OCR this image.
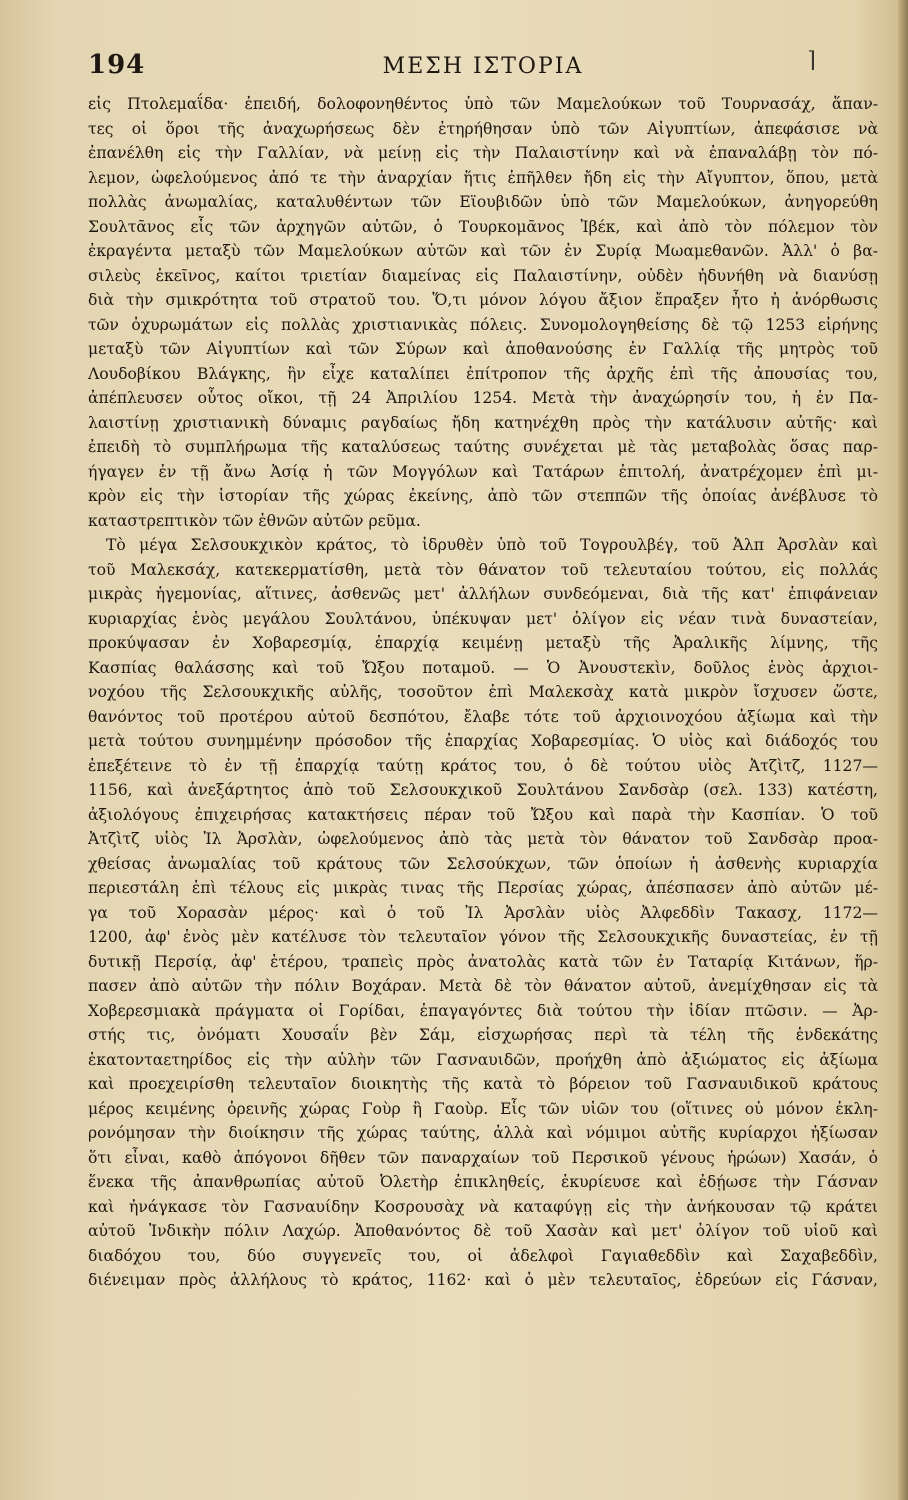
194	ΜΕΣΗ ΙΣΤΟΡΙΑ	⌉
εἰς Πτολεμαΐδα· ἐπειδή, δολοφονηθέντος ὑπὸ τῶν Μαμελούκων τοῦ Τουρνασάχ, ἅπαν-
τες οἱ ὅροι τῆς ἀναχωρήσεως δὲν ἐτηρήθησαν ὑπὸ τῶν Αἰγυπτίων, ἀπεφάσισε νὰ
ἐπανέλθη εἰς τὴν Γαλλίαν, νὰ μείνῃ εἰς τὴν Παλαιστίνην καὶ νὰ ἐπαναλάβῃ τὸν πό-
λεμον, ὠφελούμενος ἀπό τε τὴν ἀναρχίαν ἥτις ἐπῆλθεν ἤδη εἰς τὴν Αἴγυπτον, ὅπου, μετὰ
πολλὰς ἀνωμαλίας, καταλυθέντων τῶν Εϊουβιδῶν ὑπὸ τῶν Μαμελούκων, ἀνηγορεύθη
Σουλτᾶνος εἷς τῶν ἀρχηγῶν αὐτῶν, ὁ Τουρκομᾶνος Ἰβέκ, καὶ ἀπὸ τὸν πόλεμον τὸν
ἐκραγέντα μεταξὺ τῶν Μαμελούκων αὐτῶν καὶ τῶν ἐν Συρίᾳ Μωαμεθανῶν. Ἀλλ' ὁ βα-
σιλεὺς ἐκεῖνος, καίτοι τριετίαν διαμείνας εἰς Παλαιστίνην, οὐδὲν ἠδυνήθη νὰ διανύσῃ
διὰ τὴν σμικρότητα τοῦ στρατοῦ του. Ὅ,τι μόνον λόγου ἄξιον ἔπραξεν ἦτο ἡ ἀνόρθωσις
τῶν ὀχυρωμάτων εἰς πολλὰς χριστιανικὰς πόλεις. Συνομολογηθείσης δὲ τῷ 1253 εἰρήνης
μεταξὺ τῶν Αἰγυπτίων καὶ τῶν Σύρων καὶ ἀποθανούσης ἐν Γαλλίᾳ τῆς μητρὸς τοῦ
Λουδοβίκου Βλάγκης, ἣν εἶχε καταλίπει ἐπίτροπον τῆς ἀρχῆς ἐπὶ τῆς ἀπουσίας του,
ἀπέπλευσεν οὗτος οἴκοι, τῇ 24 Ἀπριλίου 1254. Μετὰ τὴν ἀναχώρησίν του, ἡ ἐν Πα-
λαιστίνῃ χριστιανικὴ δύναμις ραγδαίως ἤδη κατηνέχθη πρὸς τὴν κατάλυσιν αὐτῆς· καὶ
ἐπειδὴ τὸ συμπλήρωμα τῆς καταλύσεως ταύτης συνέχεται μὲ τὰς μεταβολὰς ὅσας παρ-
ήγαγεν ἐν τῇ ἄνω Ἀσίᾳ ἡ τῶν Μογγόλων καὶ Τατάρων ἐπιτολή, ἀνατρέχομεν ἐπὶ μι-
κρὸν εἰς τὴν ἱστορίαν τῆς χώρας ἐκείνης, ἀπὸ τῶν στεππῶν τῆς ὁποίας ἀνέβλυσε τὸ
καταστρεπτικὸν τῶν ἐθνῶν αὐτῶν ρεῦμα.
Τὸ μέγα Σελσουκχικὸν κράτος, τὸ ἱδρυθὲν ὑπὸ τοῦ Τογρουλβέγ, τοῦ Ἀλπ Ἀρσλὰν καὶ
τοῦ Μαλεκσάχ, κατεκερματίσθη, μετὰ τὸν θάνατον τοῦ τελευταίου τούτου, εἰς πολλάς
μικρὰς ἡγεμονίας, αἵτινες, ἀσθενῶς μετ' ἀλλήλων συνδεόμεναι, διὰ τῆς κατ' ἐπιφάνειαν
κυριαρχίας ἑνὸς μεγάλου Σουλτάνου, ὑπέκυψαν μετ' ὀλίγον εἰς νέαν τινὰ δυναστείαν,
προκύψασαν ἐν Χοβαρεσμίᾳ, ἐπαρχίᾳ κειμένῃ μεταξὺ τῆς Ἀραλικῆς λίμνης, τῆς
Κασπίας θαλάσσης καὶ τοῦ Ὤξου ποταμοῦ. — Ὁ Ἀνουστεκὶν, δοῦλος ἑνὸς ἀρχιοι-
νοχόου τῆς Σελσουκχικῆς αὐλῆς, τοσοῦτον ἐπὶ Μαλεκσὰχ κατὰ μικρὸν ἴσχυσεν ὥστε,
θανόντος τοῦ προτέρου αὐτοῦ δεσπότου, ἔλαβε τότε τοῦ ἀρχιοινοχόου ἀξίωμα καὶ τὴν
μετὰ τούτου συνημμένην πρόσοδον τῆς ἐπαρχίας Χοβαρεσμίας. Ὁ υἱὸς καὶ διάδοχός του
ἐπεξέτεινε τὸ ἐν τῇ ἐπαρχίᾳ ταύτῃ κράτος του, ὁ δὲ τούτου υἱὸς Ἀτζὶτζ, 1127—
1156, καὶ ἀνεξάρτητος ἀπὸ τοῦ Σελσουκχικοῦ Σουλτάνου Σανδσὰρ (σελ. 133) κατέστη,
ἀξιολόγους ἐπιχειρήσας κατακτήσεις πέραν τοῦ Ὤξου καὶ παρὰ τὴν Κασπίαν. Ὁ τοῦ
Ἀτζὶτζ υἱὸς Ἰλ Ἀρσλὰν, ὠφελούμενος ἀπὸ τὰς μετὰ τὸν θάνατον τοῦ Σανδσὰρ προα-
χθείσας ἀνωμαλίας τοῦ κράτους τῶν Σελσούκχων, τῶν ὁποίων ἡ ἀσθενὴς κυριαρχία
περιεστάλη ἐπὶ τέλους εἰς μικρὰς τινας τῆς Περσίας χώρας, ἀπέσπασεν ἀπὸ αὐτῶν μέ-
γα τοῦ Χορασὰν μέρος· καὶ ὁ τοῦ Ἰλ Ἀρσλὰν υἱὸς Ἀλφεδδὶν Τακασχ, 1172—
1200, ἀφ' ἑνὸς μὲν κατέλυσε τὸν τελευταῖον γόνον τῆς Σελσουκχικῆς δυναστείας, ἐν τῇ
δυτικῇ Περσίᾳ, ἀφ' ἑτέρου, τραπεὶς πρὸς ἀνατολὰς κατὰ τῶν ἐν Ταταρίᾳ Κιτάνων, ἥρ-
πασεν ἀπὸ αὐτῶν τὴν πόλιν Βοχάραν. Μετὰ δὲ τὸν θάνατον αὐτοῦ, ἀνεμίχθησαν εἰς τὰ
Χοβερεσμιακὰ πράγματα οἱ Γορίδαι, ἐπαγαγόντες διὰ τούτου τὴν ἰδίαν πτῶσιν. — Ἀρ-
στής τις, ὀνόματι Χουσαΐν βὲν Σάμ, εἰσχωρήσας περὶ τὰ τέλη τῆς ἑνδεκάτης
ἑκατονταετηρίδος εἰς τὴν αὐλὴν τῶν Γασναυιδῶν, προήχθη ἀπὸ ἀξιώματος εἰς ἀξίωμα
καὶ προεχειρίσθη τελευταῖον διοικητὴς τῆς κατὰ τὸ βόρειον τοῦ Γασναυιδικοῦ κράτους
μέρος κειμένης ὀρεινῆς χώρας Γοὺρ ἢ Γαοὺρ. Εἷς τῶν υἱῶν του (οἵτινες οὐ μόνον ἐκλη-
ρονόμησαν τὴν διοίκησιν τῆς χώρας ταύτης, ἀλλὰ καὶ νόμιμοι αὐτῆς κυρίαρχοι ἠξίωσαν
ὅτι εἶναι, καθὸ ἀπόγονοι δῆθεν τῶν παναρχαίων τοῦ Περσικοῦ γένους ἡρώων) Χασάν, ὁ
ἕνεκα τῆς ἀπανθρωπίας αὐτοῦ Ὀλετὴρ ἐπικληθείς, ἐκυρίευσε καὶ ἐδῄωσε τὴν Γάσναν
καὶ ἠνάγκασε τὸν Γασναυίδην Κοσρουσὰχ νὰ καταφύγῃ εἰς τὴν ἀνήκουσαν τῷ κράτει
αὐτοῦ Ἰνδικὴν πόλιν Λαχώρ. Ἀποθανόντος δὲ τοῦ Χασὰν καὶ μετ' ὀλίγον τοῦ υἱοῦ καὶ
διαδόχου του, δύο συγγενεῖς του, οἱ ἀδελφοὶ Γαγιαθεδδὶν καὶ Σαχαβεδδὶν,
διένειμαν πρὸς ἀλλήλους τὸ κράτος, 1162· καὶ ὁ μὲν τελευταῖος, ἑδρεύων εἰς Γάσναν,
